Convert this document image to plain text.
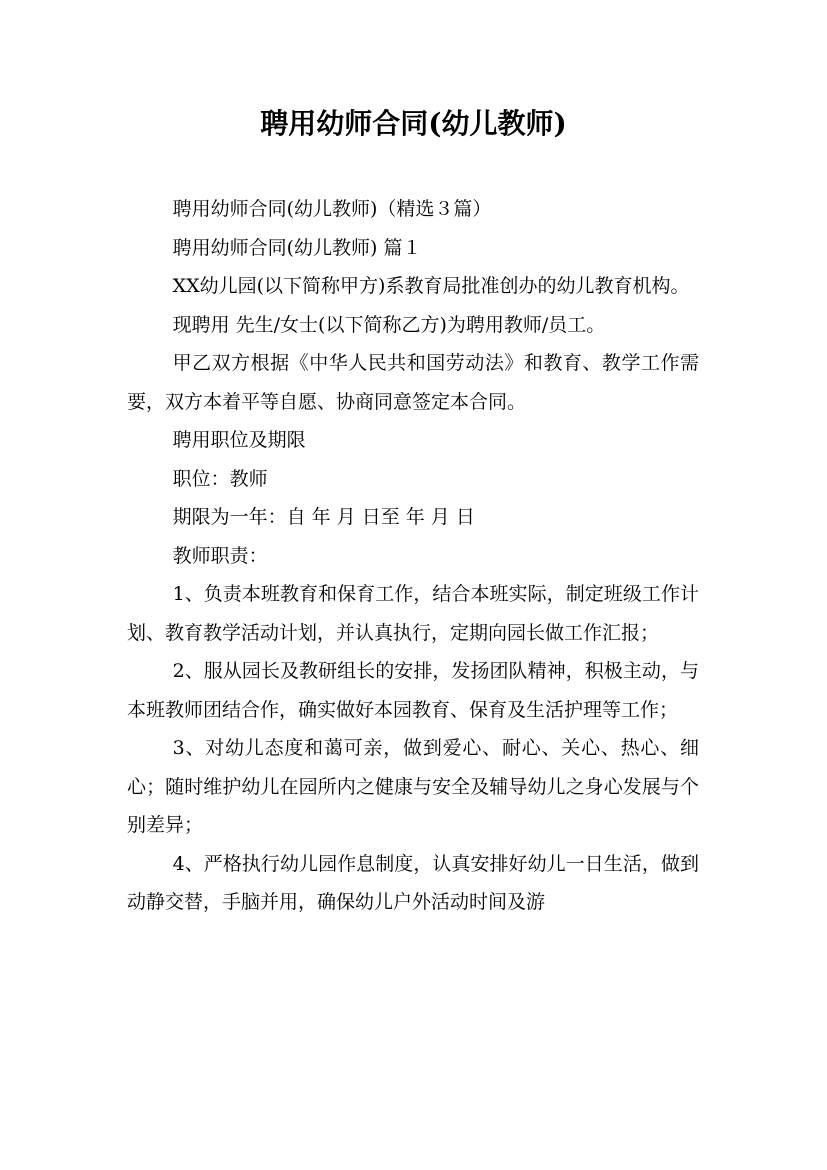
聘用幼师合同(幼儿教师)

聘用幼师合同(幼儿教师)（精选３篇）

聘用幼师合同(幼儿教师) 篇１

XX幼儿园(以下简称甲方)系教育局批准创办的幼儿教育机构。

现聘用 先生/女士(以下简称乙方)为聘用教师/员工。

甲乙双方根据《中华人民共和国劳动法》和教育、教学工作需要，双方本着平等自愿、协商同意签定本合同。

聘用职位及期限

职位：教师

期限为一年：自 年 月 日至 年 月 日

教师职责：

1、负责本班教育和保育工作，结合本班实际，制定班级工作计划、教育教学活动计划，并认真执行，定期向园长做工作汇报；

2、服从园长及教研组长的安排，发扬团队精神，积极主动，与本班教师团结合作，确实做好本园教育、保育及生活护理等工作；

3、对幼儿态度和蔼可亲，做到爱心、耐心、关心、热心、细心；随时维护幼儿在园所内之健康与安全及辅导幼儿之身心发展与个别差异；

4、严格执行幼儿园作息制度，认真安排好幼儿一日生活，做到动静交替，手脑并用，确保幼儿户外活动时间及游
